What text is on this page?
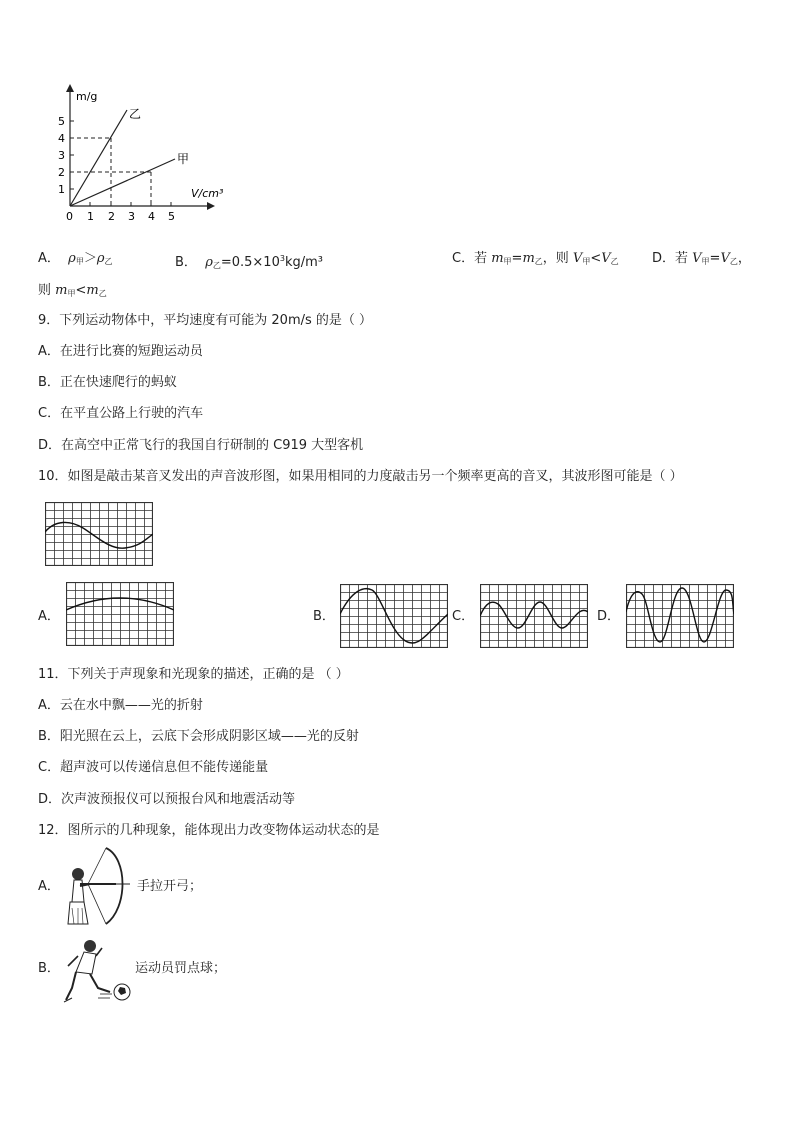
m/g
V/cm³
1
2
3
4
5
0 1 2 3 4 5
乙
甲
A． $\rho_甲>\rho_乙$	B． $\rho_乙=0.5\times 10^3kg/m^3$	C．若 $m_甲=m_乙$，则 $V_甲<V_乙$	D．若 $V_甲=V_乙$，
则 $m_甲<m_乙$
9．下列运动物体中，平均速度有可能为 20m/s 的是（ ）
A．在进行比赛的短跑运动员
B．正在快速爬行的蚂蚁
C．在平直公路上行驶的汽车
D．在高空中正常飞行的我国自行研制的 C919 大型客机
10．如图是敲击某音叉发出的声音波形图，如果用相同的力度敲击另一个频率更高的音叉，其波形图可能是（ ）
A．	B．	C．	D．
11．下列关于声现象和光现象的描述，正确的是 （ ）
A．云在水中飘——光的折射
B．阳光照在云上，云底下会形成阴影区域——光的反射
C．超声波可以传递信息但不能传递能量
D．次声波预报仪可以预报台风和地震活动等
12．图所示的几种现象，能体现出力改变物体运动状态的是
A．	手拉开弓；
B．	运动员罚点球；
